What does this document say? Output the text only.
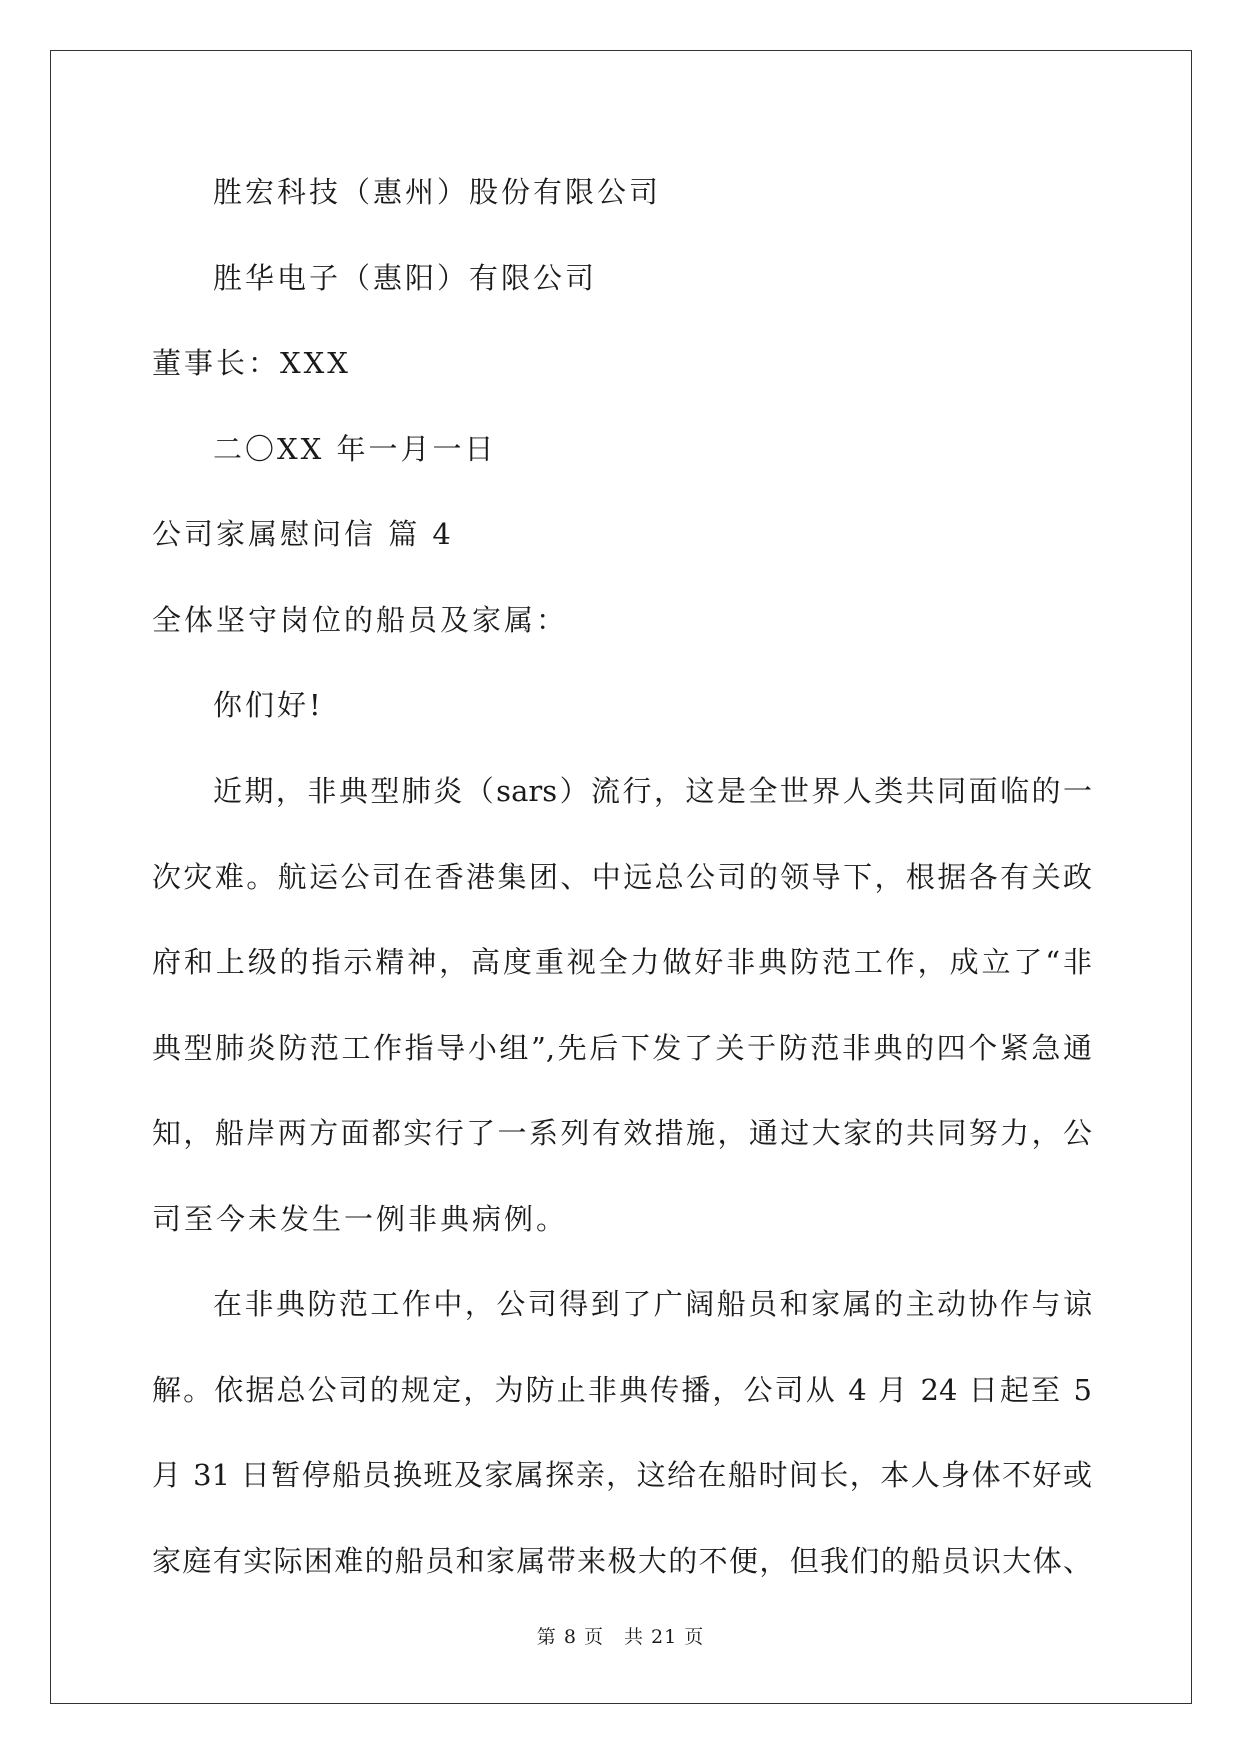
胜宏科技（惠州）股份有限公司
胜华电子（惠阳）有限公司
董事长：XXX
二〇XX 年一月一日
公司家属慰问信 篇 4
全体坚守岗位的船员及家属：
你们好!
近期，非典型肺炎（sars）流行，这是全世界人类共同面临的一
次灾难。航运公司在香港集团、中远总公司的领导下，根据各有关政
府和上级的指示精神，高度重视全力做好非典防范工作，成立了“非
典型肺炎防范工作指导小组”,先后下发了关于防范非典的四个紧急通
知，船岸两方面都实行了一系列有效措施，通过大家的共同努力，公
司至今未发生一例非典病例。
在非典防范工作中，公司得到了广阔船员和家属的主动协作与谅
解。依据总公司的规定，为防止非典传播，公司从 4 月 24 日起至 5
月 31 日暂停船员换班及家属探亲，这给在船时间长，本人身体不好或
家庭有实际困难的船员和家属带来极大的不便，但我们的船员识大体、
第 8 页　共 21 页
